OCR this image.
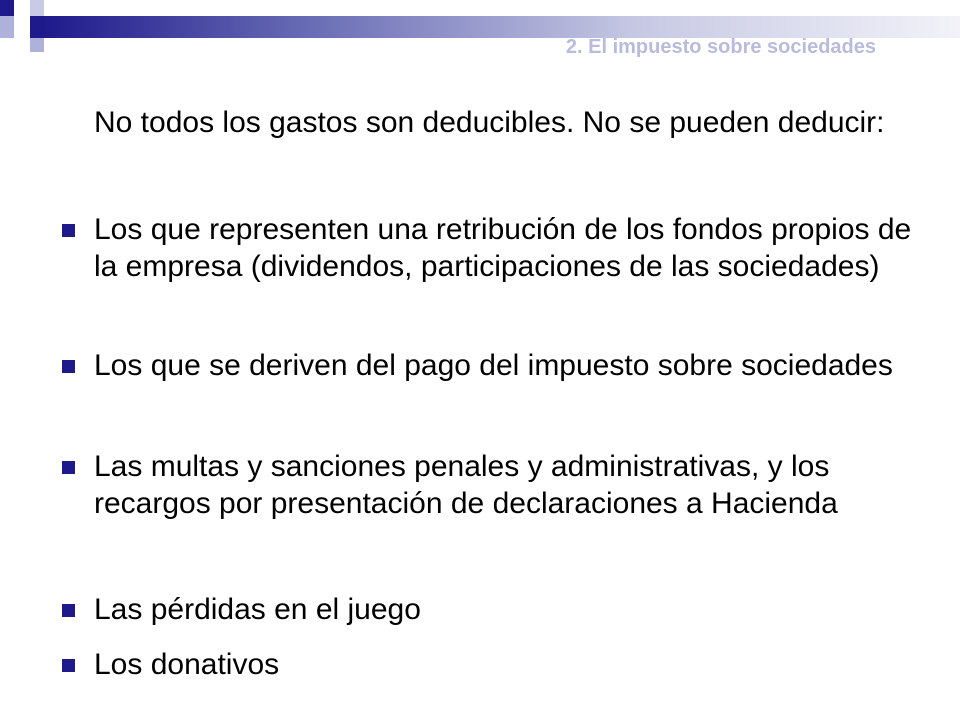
2. El impuesto sobre sociedades
No todos los gastos son deducibles. No se pueden deducir:
Los que representen una retribución de los fondos propios de la empresa (dividendos, participaciones de las sociedades)
Los que se deriven del pago del impuesto sobre sociedades
Las multas y sanciones penales y administrativas, y los recargos por presentación de declaraciones a Hacienda
Las pérdidas en el juego
Los donativos
